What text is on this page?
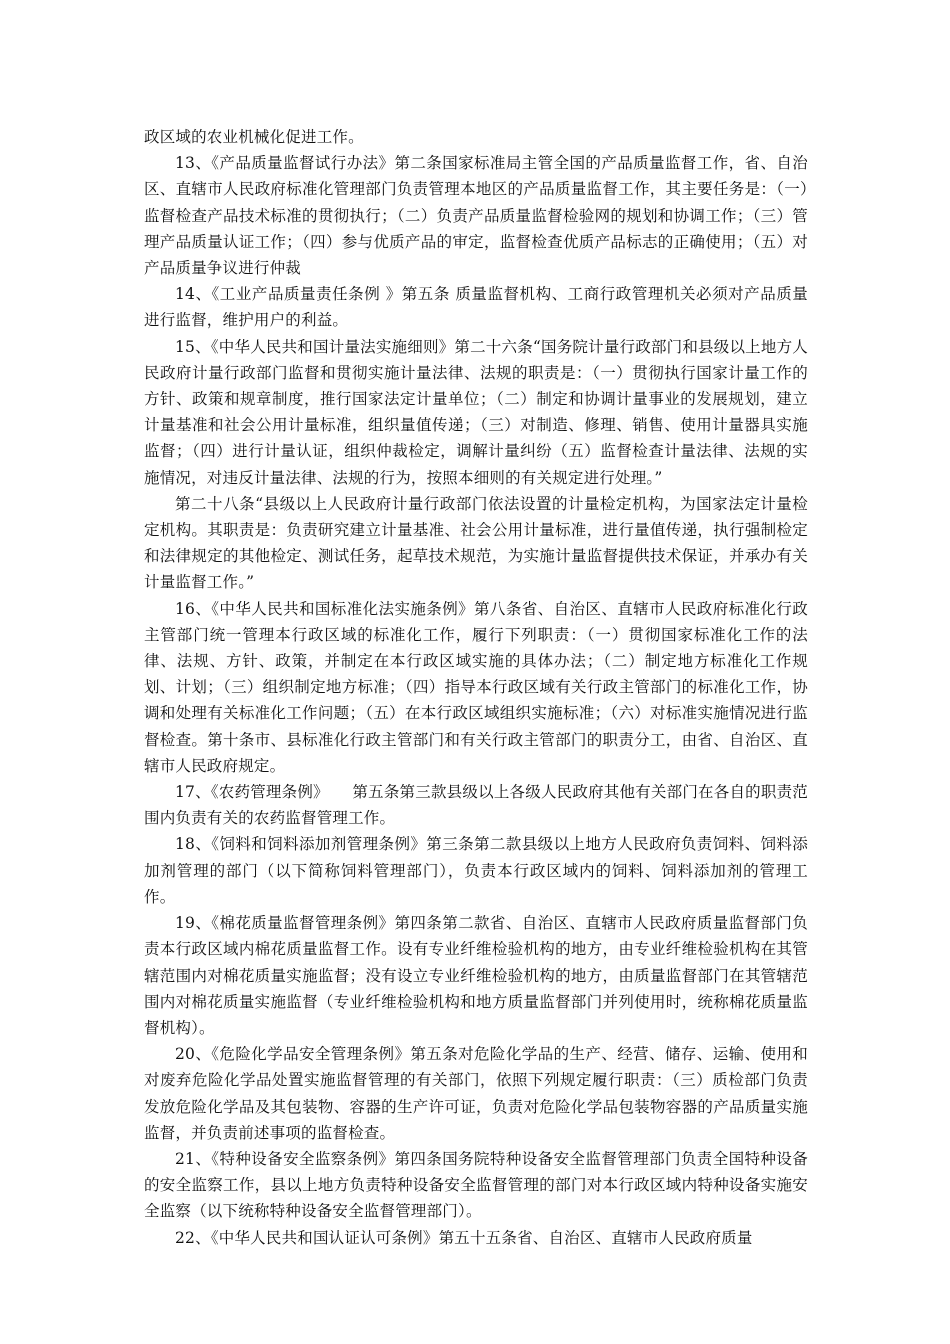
政区域的农业机械化促进工作。

13、《产品质量监督试行办法》第二条国家标准局主管全国的产品质量监督工作，省、自治区、直辖市人民政府标准化管理部门负责管理本地区的产品质量监督工作，其主要任务是：（一）监督检查产品技术标准的贯彻执行；（二）负责产品质量监督检验网的规划和协调工作；（三）管理产品质量认证工作；（四）参与优质产品的审定，监督检查优质产品标志的正确使用；（五）对产品质量争议进行仲裁

14、《工业产品质量责任条例 》第五条 质量监督机构、工商行政管理机关必须对产品质量进行监督，维护用户的利益。

15、《中华人民共和国计量法实施细则》第二十六条“国务院计量行政部门和县级以上地方人民政府计量行政部门监督和贯彻实施计量法律、法规的职责是：（一）贯彻执行国家计量工作的方针、政策和规章制度，推行国家法定计量单位；（二）制定和协调计量事业的发展规划，建立计量基准和社会公用计量标准，组织量值传递；（三）对制造、修理、销售、使用计量器具实施监督；（四）进行计量认证，组织仲裁检定，调解计量纠纷（五）监督检查计量法律、法规的实施情况，对违反计量法律、法规的行为，按照本细则的有关规定进行处理。”

第二十八条“县级以上人民政府计量行政部门依法设置的计量检定机构，为国家法定计量检定机构。其职责是：负责研究建立计量基准、社会公用计量标准，进行量值传递，执行强制检定和法律规定的其他检定、测试任务，起草技术规范，为实施计量监督提供技术保证，并承办有关计量监督工作。”

16、《中华人民共和国标准化法实施条例》第八条省、自治区、直辖市人民政府标准化行政主管部门统一管理本行政区域的标准化工作，履行下列职责：（一）贯彻国家标准化工作的法律、法规、方针、政策，并制定在本行政区域实施的具体办法；（二）制定地方标准化工作规划、计划；（三）组织制定地方标准；（四）指导本行政区域有关行政主管部门的标准化工作，协调和处理有关标准化工作问题；（五）在本行政区域组织实施标准；（六）对标准实施情况进行监督检查。第十条市、县标准化行政主管部门和有关行政主管部门的职责分工，由省、自治区、直辖市人民政府规定。

17、《农药管理条例》　　第五条第三款县级以上各级人民政府其他有关部门在各自的职责范围内负责有关的农药监督管理工作。

18、《饲料和饲料添加剂管理条例》第三条第二款县级以上地方人民政府负责饲料、饲料添加剂管理的部门（以下简称饲料管理部门），负责本行政区域内的饲料、饲料添加剂的管理工作。

19、《棉花质量监督管理条例》第四条第二款省、自治区、直辖市人民政府质量监督部门负责本行政区域内棉花质量监督工作。设有专业纤维检验机构的地方，由专业纤维检验机构在其管辖范围内对棉花质量实施监督；没有设立专业纤维检验机构的地方，由质量监督部门在其管辖范围内对棉花质量实施监督（专业纤维检验机构和地方质量监督部门并列使用时，统称棉花质量监督机构）。

20、《危险化学品安全管理条例》第五条对危险化学品的生产、经营、储存、运输、使用和对废弃危险化学品处置实施监督管理的有关部门，依照下列规定履行职责：（三）质检部门负责发放危险化学品及其包装物、容器的生产许可证，负责对危险化学品包装物容器的产品质量实施监督，并负责前述事项的监督检查。

21、《特种设备安全监察条例》第四条国务院特种设备安全监督管理部门负责全国特种设备的安全监察工作，县以上地方负责特种设备安全监督管理的部门对本行政区域内特种设备实施安全监察（以下统称特种设备安全监督管理部门）。

22、《中华人民共和国认证认可条例》第五十五条省、自治区、直辖市人民政府质量
